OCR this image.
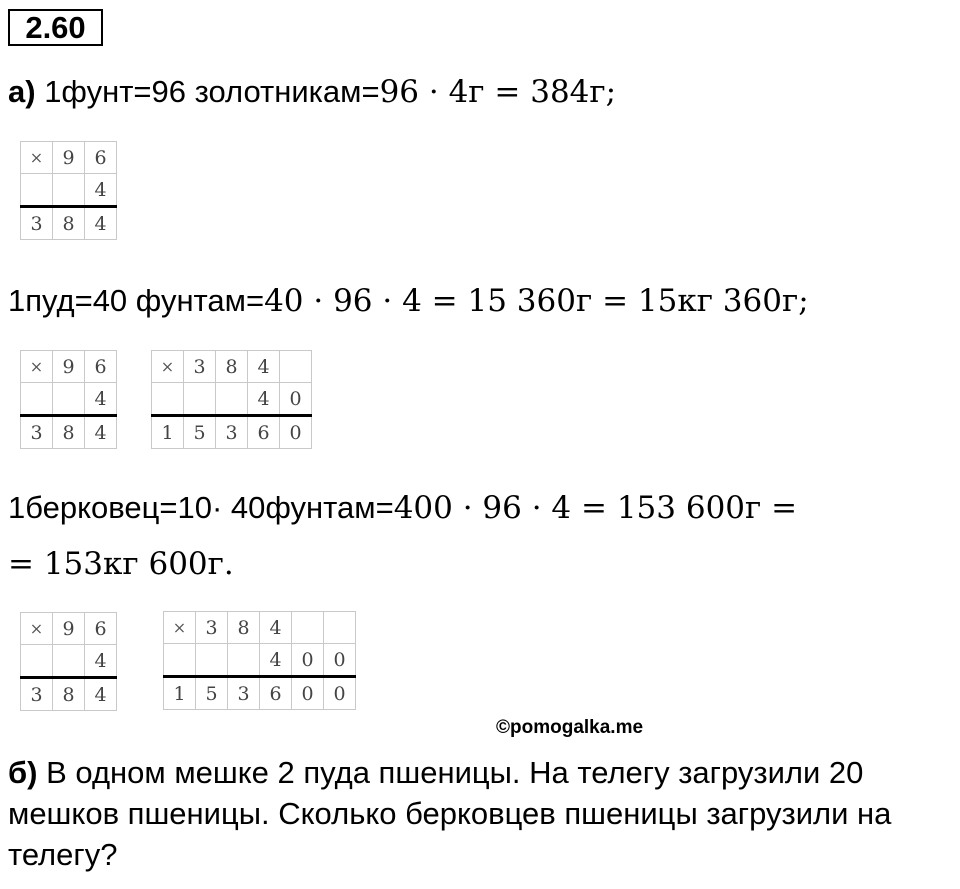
2.60
а) 1фунт=96 золотникам=96 · 4г = 384г;
×	9	6
		4
3	8	4
1пуд=40 фунтам=40 · 96 · 4 = 15 360г = 15кг 360г;
×	9	6
		4
3	8	4
×	3	8	4	
			4	0
1	5	3	6	0
1берковец=10· 40фунтам=400 · 96 · 4 = 153 600г =
= 153кг 600г.
×	9	6
		4
3	8	4
×	3	8	4		
			4	0	0
1	5	3	6	0	0
©pomogalka.me
б) В одном мешке 2 пуда пшеницы. На телегу загрузили 20 мешков пшеницы. Сколько берковцев пшеницы загрузили на телегу?
